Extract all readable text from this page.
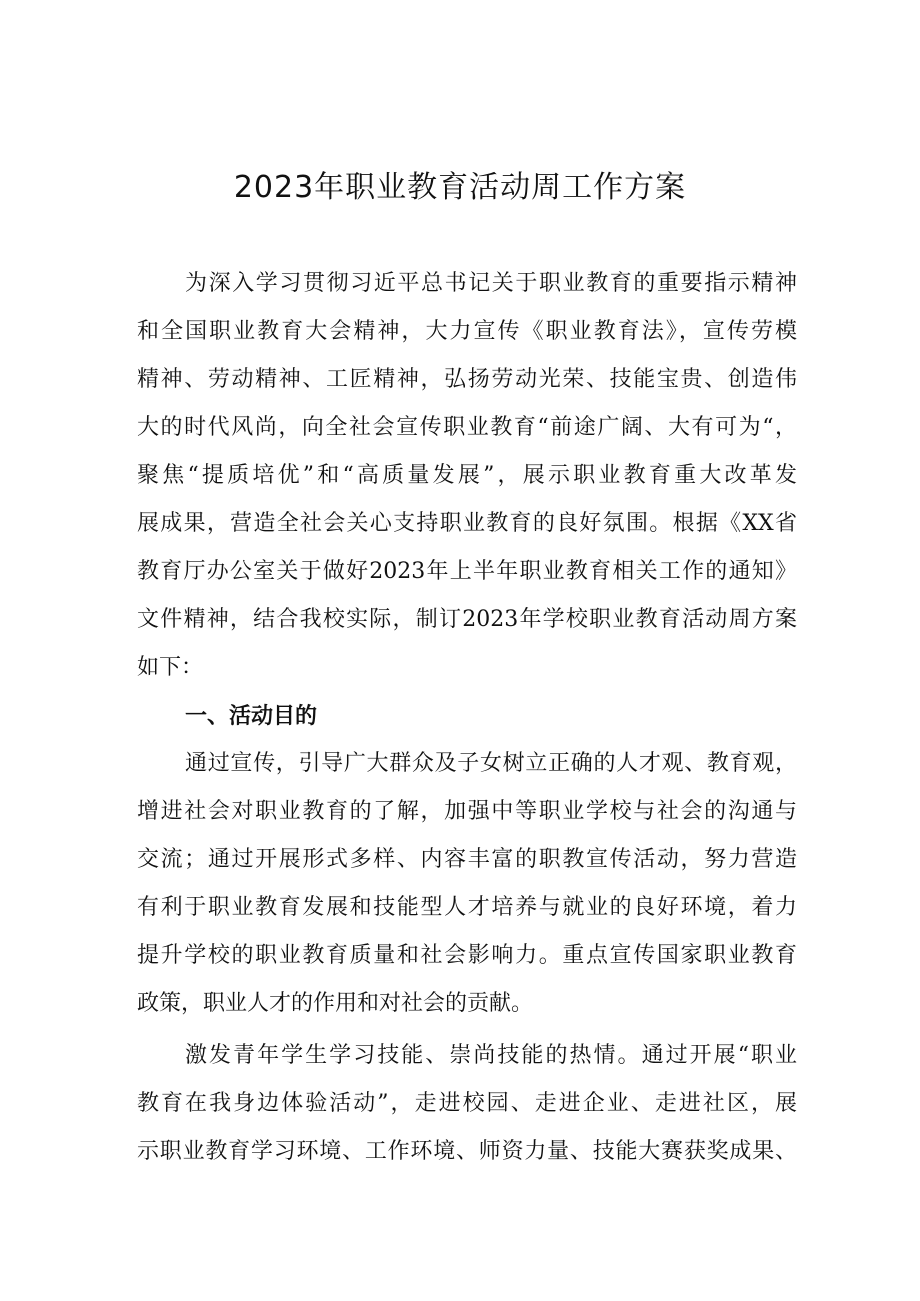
2023年职业教育活动周工作方案
为深入学习贯彻习近平总书记关于职业教育的重要指示精神
和全国职业教育大会精神，大力宣传《职业教育法》，宣传劳模
精神、劳动精神、工匠精神，弘扬劳动光荣、技能宝贵、创造伟
大的时代风尚，向全社会宣传职业教育“前途广阔、大有可为“，
聚焦“提质培优”和“高质量发展”，展示职业教育重大改革发
展成果，营造全社会关心支持职业教育的良好氛围。根据《XX省
教育厅办公室关于做好2023年上半年职业教育相关工作的通知》
文件精神，结合我校实际，制订2023年学校职业教育活动周方案
如下：
一、活动目的
通过宣传，引导广大群众及子女树立正确的人才观、教育观，
增进社会对职业教育的了解，加强中等职业学校与社会的沟通与
交流；通过开展形式多样、内容丰富的职教宣传活动，努力营造
有利于职业教育发展和技能型人才培养与就业的良好环境，着力
提升学校的职业教育质量和社会影响力。重点宣传国家职业教育
政策，职业人才的作用和对社会的贡献。
激发青年学生学习技能、崇尚技能的热情。通过开展“职业
教育在我身边体验活动”，走进校园、走进企业、走进社区，展
示职业教育学习环境、工作环境、师资力量、技能大赛获奖成果、
